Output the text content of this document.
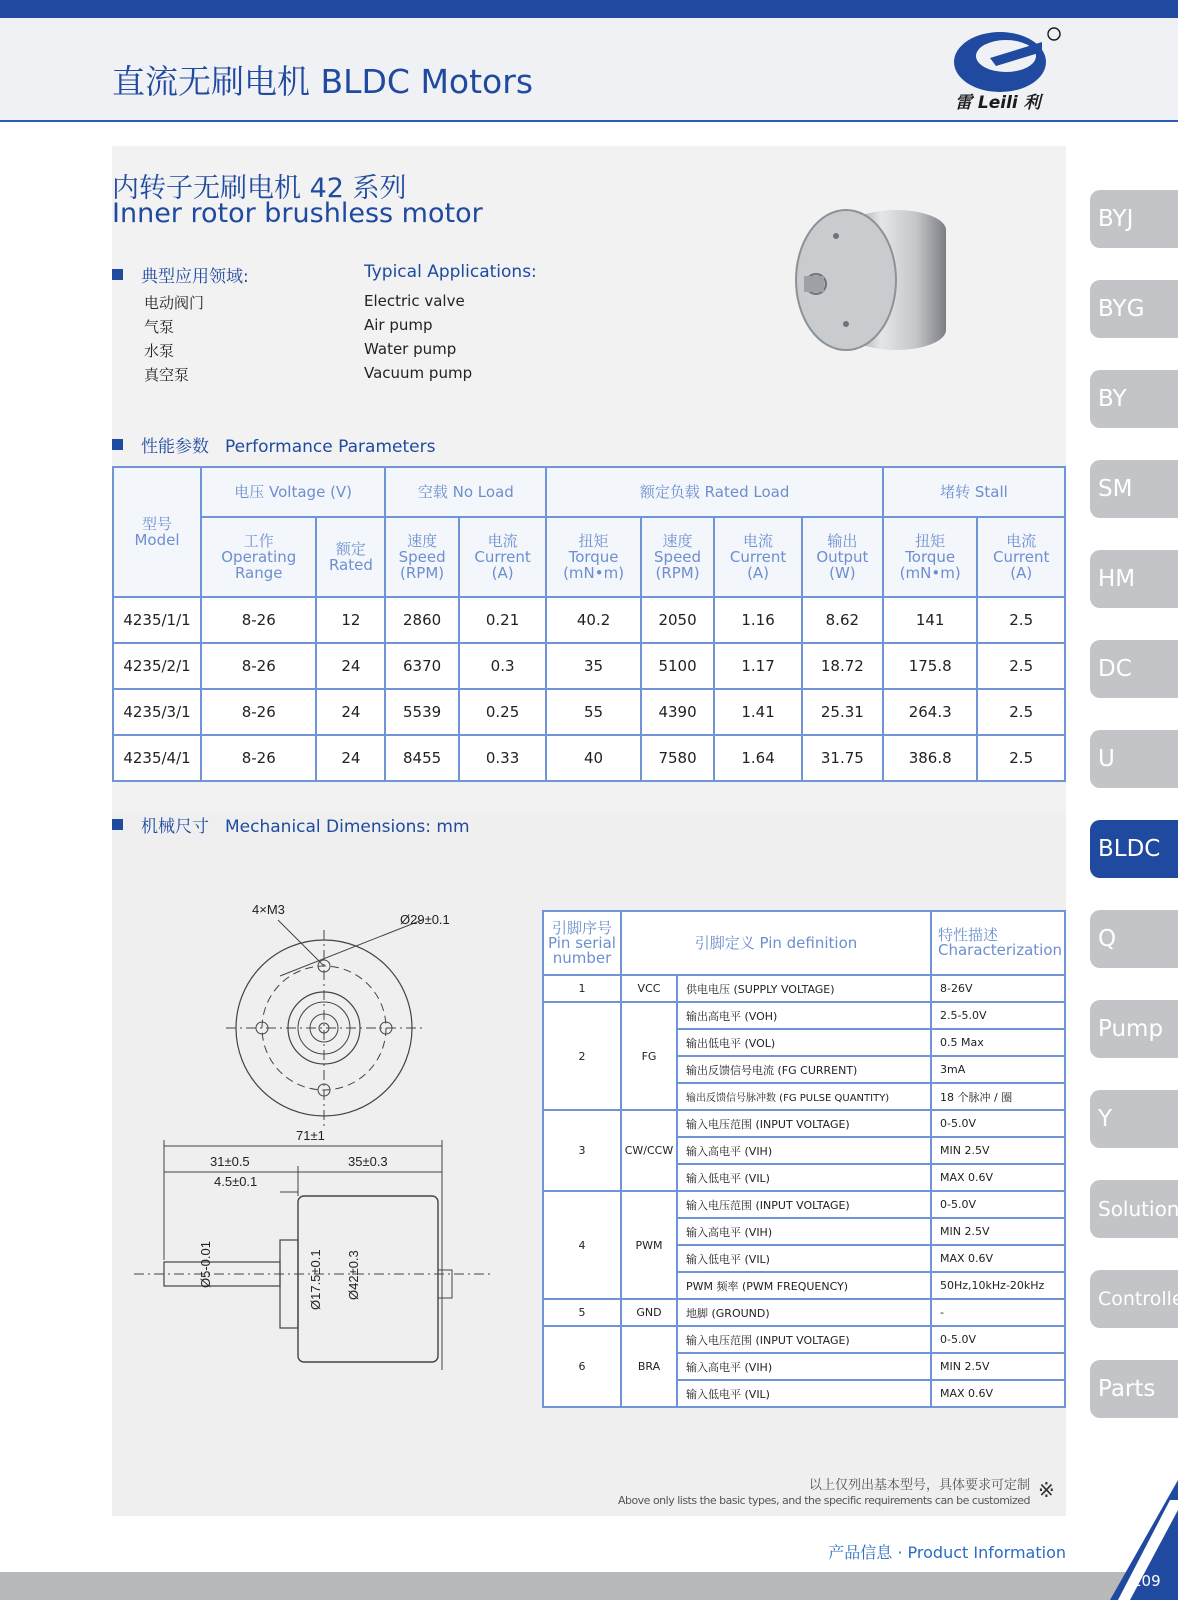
直流无刷电机 BLDC Motors
雷 Leili 利
内转子无刷电机 42 系列
Inner rotor brushless motor
典型应用领域:	Typical Applications:
电动阀门
气泵
水泵
真空泵
Electric valve
Air pump
Water pump
Vacuum pump
性能参数 Performance Parameters
型号
Model	电压 Voltage (V)		空载 No Load		额定负载 Rated Load				堵转 Stall	
	工作
Operating
Range	额定
Rated	速度
Speed
(RPM)	电流
Current
(A)	扭矩
Torque
(mN•m)	速度
Speed
(RPM)	电流
Current
(A)	输出
Output
(W)	扭矩
Torque
(mN•m)	电流
Current
(A)
4235/1/1	8-26	12	2860	0.21	40.2	2050	1.16	8.62	141	2.5
4235/2/1	8-26	24	6370	0.3	35	5100	1.17	18.72	175.8	2.5
4235/3/1	8-26	24	5539	0.25	55	4390	1.41	25.31	264.3	2.5
4235/4/1	8-26	24	8455	0.33	40	7580	1.64	31.75	386.8	2.5
机械尺寸 Mechanical Dimensions: mm
4×M3
Ø29±0.1
71±1
31±0.5	35±0.3
4.5±0.1
Ø5-0.01	Ø17.5±0.1 Ø42±0.3
引脚序号
Pin serial
number	引脚定义 Pin definition		特性描述
Characterization
1	VCC	供电电压 (SUPPLY VOLTAGE)	8-26V
2	FG	输出高电平 (VOH)	2.5-5.0V
		输出低电平 (VOL)	0.5 Max
		输出反馈信号电流 (FG CURRENT)	3mA
		输出反馈信号脉冲数 (FG PULSE QUANTITY)	18 个脉冲 / 圈
3	CW/CCW	输入电压范围 (INPUT VOLTAGE)	0-5.0V
		输入高电平 (VIH)	MIN 2.5V
		输入低电平 (VIL)	MAX 0.6V
4	PWM	输入电压范围 (INPUT VOLTAGE)	0-5.0V
		输入高电平 (VIH)	MIN 2.5V
		输入低电平 (VIL)	MAX 0.6V
		PWM 频率 (PWM FREQUENCY)	50Hz,10kHz-20kHz
5	GND	地脚 (GROUND)	-
6	BRA	输入电压范围 (INPUT VOLTAGE)	0-5.0V
		输入高电平 (VIH)	MIN 2.5V
		输入低电平 (VIL)	MAX 0.6V
以上仅列出基本型号，具体要求可定制
Above only lists the basic types, and the specific requirements can be customized ※
BYJ
BYG
BY
SM
HM
DC
U
BLDC
Q
Pump
Y
Solution
Controller
Parts
产品信息 · Product Information
109
